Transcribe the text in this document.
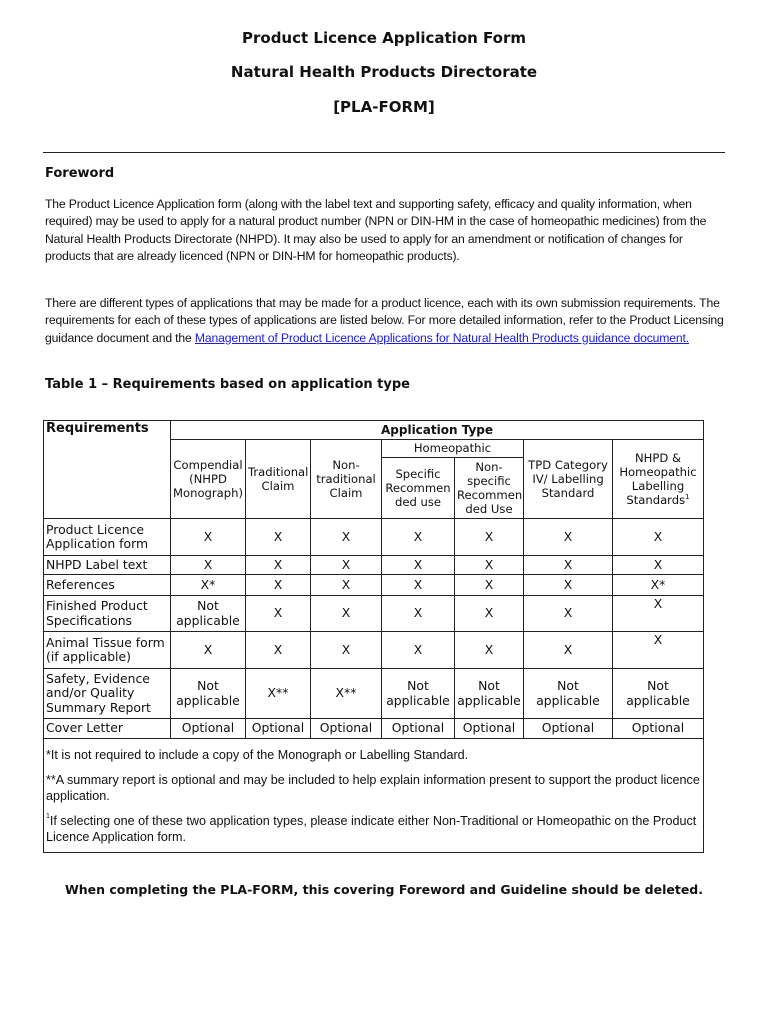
Product Licence Application Form
Natural Health Products Directorate
[PLA-FORM]
Foreword
The Product Licence Application form (along with the label text and supporting safety, efficacy and quality information, when required) may be used to apply for a natural product number (NPN or DIN-HM in the case of homeopathic medicines) from the Natural Health Products Directorate (NHPD). It may also be used to apply for an amendment or notification of changes for products that are already licenced (NPN or DIN-HM for homeopathic products).
There are different types of applications that may be made for a product licence, each with its own submission requirements. The requirements for each of these types of applications are listed below. For more detailed information, refer to the Product Licensing guidance document and the Management of Product Licence Applications for Natural Health Products guidance document.
Table 1 – Requirements based on application type
Requirements	Application Type						
	Compendial (NHPD Monograph)	Traditional Claim	Non-traditional Claim	Homeopathic		TPD Category IV/ Labelling Standard	NHPD & Homeopathic Labelling Standards$^1$
				Specific Recommen ded use	Non-specific Recommen ded Use		
Product Licence Application form	X	X	X	X	X	X	X
NHPD Label text	X	X	X	X	X	X	X
References	X*	X	X	X	X	X	X*
Finished Product Specifications	Not applicable	X	X	X	X	X	X
Animal Tissue form (if applicable)	X	X	X	X	X	X	X
Safety, Evidence and/or Quality Summary Report	Not applicable	X**	X**	Not applicable	Not applicable	Not applicable	Not applicable
Cover Letter	Optional	Optional	Optional	Optional	Optional	Optional	Optional

*It is not required to include a copy of the Monograph or Labelling Standard.

**A summary report is optional and may be included to help explain information present to support the product licence application.

$^1$If selecting one of these two application types, please indicate either Non-Traditional or Homeopathic on the Product Licence Application form.							

When completing the PLA-FORM, this covering Foreword and Guideline should be deleted.
